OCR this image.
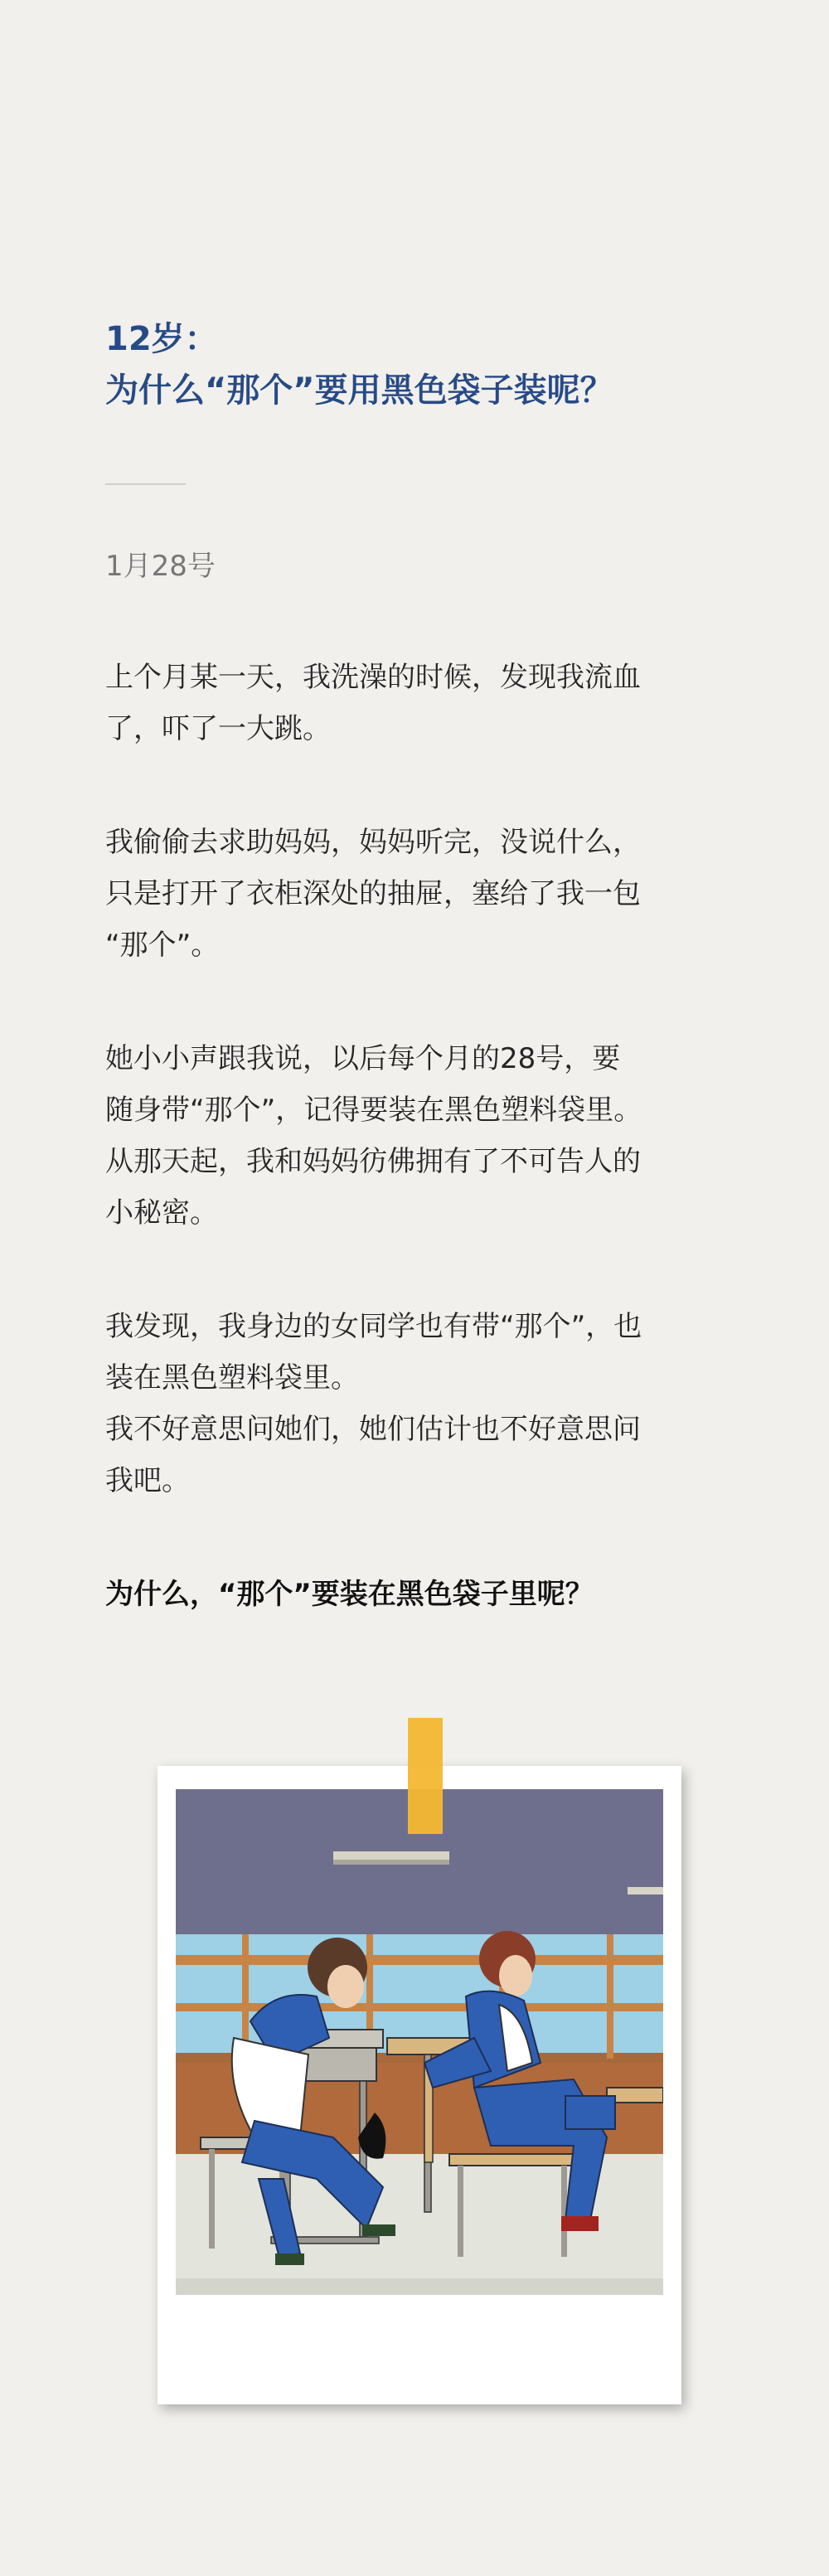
12岁：
为什么“那个”要用黑色袋子装呢？
1月28号

上个月某一天，我洗澡的时候，发现我流血
了，吓了一大跳。

我偷偷去求助妈妈，妈妈听完，没说什么，
只是打开了衣柜深处的抽屉，塞给了我一包
“那个”。

她小小声跟我说，以后每个月的28号，要
随身带“那个”，记得要装在黑色塑料袋里。
从那天起，我和妈妈彷佛拥有了不可告人的
小秘密。

我发现，我身边的女同学也有带“那个”，也
装在黑色塑料袋里。
我不好意思问她们，她们估计也不好意思问
我吧。

为什么，“那个”要装在黑色袋子里呢？
